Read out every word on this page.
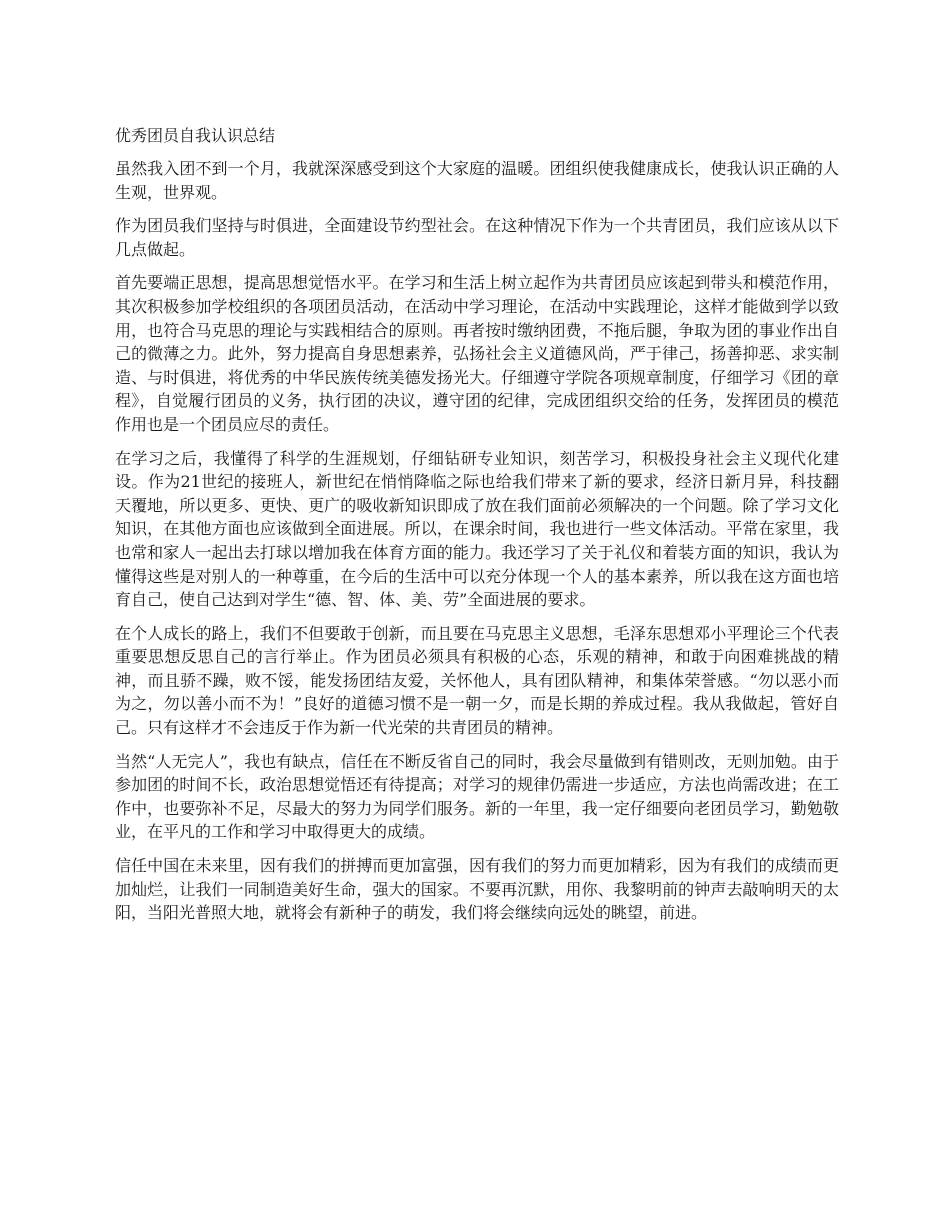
优秀团员自我认识总结

虽然我入团不到一个月，我就深深感受到这个大家庭的温暖。团组织使我健康成长，使我认识正确的人生观，世界观。

作为团员我们坚持与时俱进，全面建设节约型社会。在这种情况下作为一个共青团员，我们应该从以下几点做起。

首先要端正思想，提高思想觉悟水平。在学习和生活上树立起作为共青团员应该起到带头和模范作用，其次积极参加学校组织的各项团员活动，在活动中学习理论，在活动中实践理论，这样才能做到学以致用，也符合马克思的理论与实践相结合的原则。再者按时缴纳团费，不拖后腿，争取为团的事业作出自己的微薄之力。此外，努力提高自身思想素养，弘扬社会主义道德风尚，严于律己，扬善抑恶、求实制造、与时俱进，将优秀的中华民族传统美德发扬光大。仔细遵守学院各项规章制度，仔细学习《团的章程》，自觉履行团员的义务，执行团的决议，遵守团的纪律，完成团组织交给的任务，发挥团员的模范作用也是一个团员应尽的责任。

在学习之后，我懂得了科学的生涯规划，仔细钻研专业知识，刻苦学习，积极投身社会主义现代化建设。作为21世纪的接班人，新世纪在悄悄降临之际也给我们带来了新的要求，经济日新月异，科技翻天覆地，所以更多、更快、更广的吸收新知识即成了放在我们面前必须解决的一个问题。除了学习文化知识，在其他方面也应该做到全面进展。所以，在课余时间，我也进行一些文体活动。平常在家里，我也常和家人一起出去打球以增加我在体育方面的能力。我还学习了关于礼仪和着装方面的知识，我认为懂得这些是对别人的一种尊重，在今后的生活中可以充分体现一个人的基本素养，所以我在这方面也培育自己，使自己达到对学生“德、智、体、美、劳”全面进展的要求。

在个人成长的路上，我们不但要敢于创新，而且要在马克思主义思想，毛泽东思想邓小平理论三个代表重要思想反思自己的言行举止。作为团员必须具有积极的心态，乐观的精神，和敢于向困难挑战的精神，而且骄不躁，败不馁，能发扬团结友爱，关怀他人，具有团队精神，和集体荣誉感。“勿以恶小而为之，勿以善小而不为！”良好的道德习惯不是一朝一夕，而是长期的养成过程。我从我做起，管好自己。只有这样才不会违反于作为新一代光荣的共青团员的精神。

当然“人无完人”，我也有缺点，信任在不断反省自己的同时，我会尽量做到有错则改，无则加勉。由于参加团的时间不长，政治思想觉悟还有待提高；对学习的规律仍需进一步适应，方法也尚需改进；在工作中，也要弥补不足，尽最大的努力为同学们服务。新的一年里，我一定仔细要向老团员学习，勤勉敬业，在平凡的工作和学习中取得更大的成绩。

信任中国在未来里，因有我们的拼搏而更加富强，因有我们的努力而更加精彩，因为有我们的成绩而更加灿烂，让我们一同制造美好生命，强大的国家。不要再沉默，用你、我黎明前的钟声去敲响明天的太阳，当阳光普照大地，就将会有新种子的萌发，我们将会继续向远处的眺望，前进。
